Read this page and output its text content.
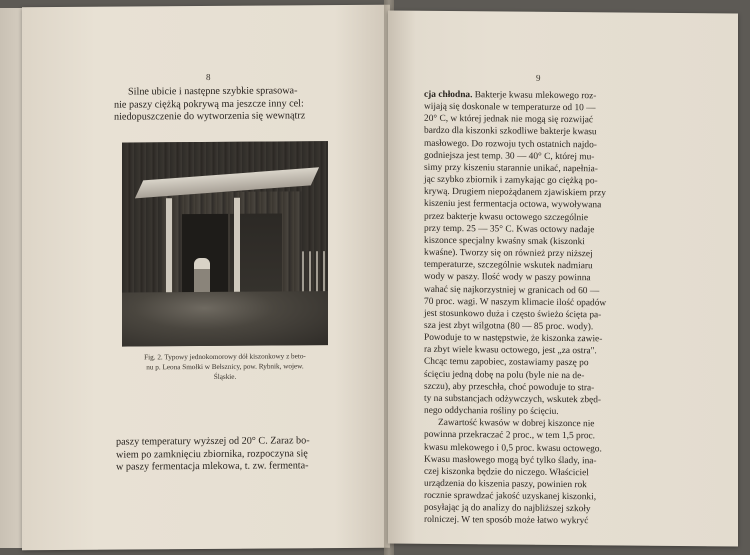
8
Silne ubicie i następne szybkie sprasowa-
nie paszy ciężką pokrywą ma jeszcze inny cel:
niedopuszczenie do wytworzenia się wewnątrz
Fig. 2. Typowy jednokomorowy dół kiszonkowy z beto-
nu p. Leona Smołki w Bełsznicy, pow. Rybnik, wojew.
Śląskie.
paszy temperatury wyższej od 20° C. Zaraz bo-
wiem po zamknięciu zbiornika, rozpoczyna się
w paszy fermentacja mlekowa, t. zw. fermenta-
9
cja chłodna. Bakterje kwasu mlekowego roz-
wijają się doskonale w temperaturze od 10 —
20° C, w której jednak nie mogą się rozwijać
bardzo dla kiszonki szkodliwe bakterje kwasu
masłowego. Do rozwoju tych ostatnich najdo-
godniejsza jest temp. 30 — 40° C, której mu-
simy przy kiszeniu starannie unikać, napełnia-
jąc szybko zbiornik i zamykając go ciężką po-
krywą. Drugiem niepożądanem zjawiskiem przy
kiszeniu jest fermentacja octowa, wywoływana
przez bakterje kwasu octowego szczególnie
przy temp. 25 — 35° C. Kwas octowy nadaje
kiszonce specjalny kwaśny smak (kiszonki
kwaśne). Tworzy się on również przy niższej
temperaturze, szczególnie wskutek nadmiaru
wody w paszy. Ilość wody w paszy powinna
wahać się najkorzystniej w granicach od 60 —
70 proc. wagi. W naszym klimacie ilość opadów
jest stosunkowo duża i często świeżo ścięta pa-
sza jest zbyt wilgotna (80 — 85 proc. wody).
Powoduje to w następstwie, że kiszonka zawie-
ra zbyt wiele kwasu octowego, jest „za ostra".
Chcąc temu zapobiec, zostawiamy paszę po
ścięciu jedną dobę na polu (byle nie na de-
szczu), aby przeschła, choć powoduje to stra-
ty na substancjach odżywczych, wskutek zbęd-
nego oddychania rośliny po ścięciu.
Zawartość kwasów w dobrej kiszonce nie
powinna przekraczać 2 proc., w tem 1,5 proc.
kwasu mlekowego i 0,5 proc. kwasu octowego.
Kwasu masłowego mogą być tylko ślady, ina-
czej kiszonka będzie do niczego. Właściciel
urządzenia do kiszenia paszy, powinien rok
rocznie sprawdzać jakość uzyskanej kiszonki,
posyłając ją do analizy do najbliższej szkoły
rolniczej. W ten sposób może łatwo wykryć
